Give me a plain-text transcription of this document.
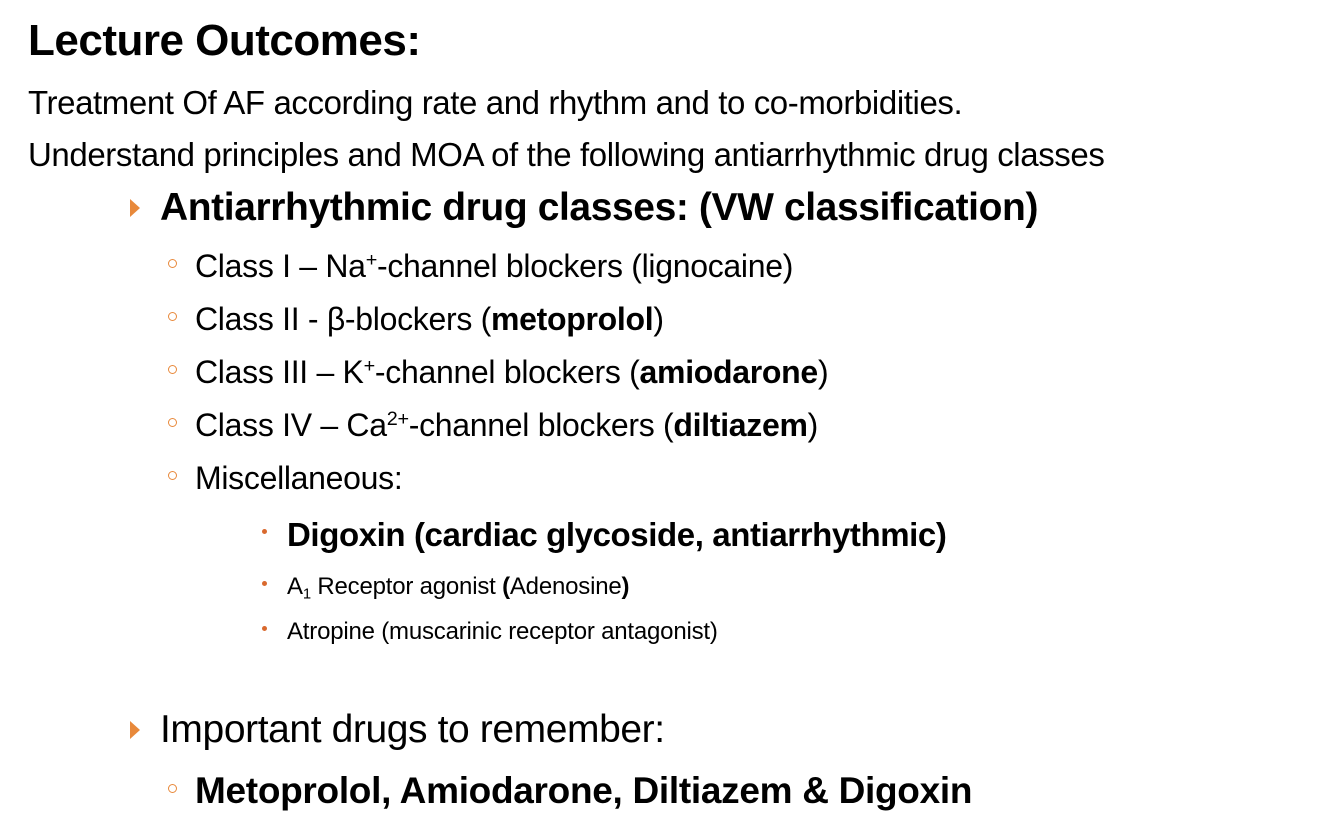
Lecture Outcomes:
Treatment Of AF according rate and rhythm and to co-morbidities.
Understand principles and MOA of the following antiarrhythmic drug classes
Antiarrhythmic drug classes: (VW classification)
Class I – Na+-channel blockers (lignocaine)
Class II - β-blockers (metoprolol)
Class III – K+-channel blockers (amiodarone)
Class IV – $Ca^{2+}$-channel blockers (diltiazem)
Miscellaneous:
Digoxin (cardiac glycoside, antiarrhythmic)
$A_1$ Receptor agonist (Adenosine)
Atropine (muscarinic receptor antagonist)
Important drugs to remember:
Metoprolol, Amiodarone, Diltiazem & Digoxin
